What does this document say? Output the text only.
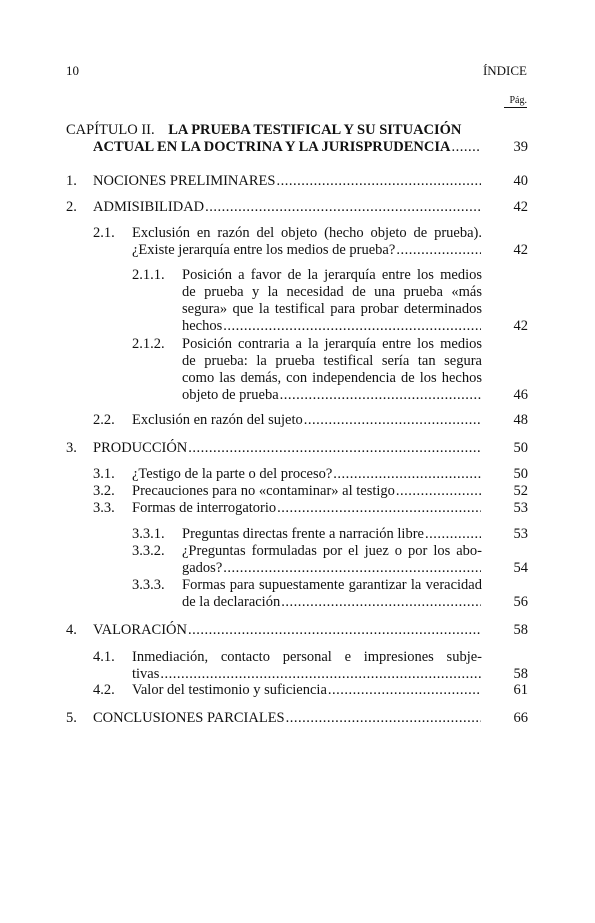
10	ÍNDICE
Pág.
CAPÍTULO II. LA PRUEBA TESTIFICAL Y SU SITUACIÓN
ACTUAL EN LA DOCTRINA Y LA JURISPRUDENCIA .....	39
1. NOCIONES PRELIMINARES .....	40
2. ADMISIBILIDAD .....	42
2.1. Exclusión en razón del objeto (hecho objeto de prueba).
¿Existe jerarquía entre los medios de prueba? .....	42
2.1.1. Posición a favor de la jerarquía entre los medios
de prueba y la necesidad de una prueba «más
segura» que la testifical para probar determinados
hechos .....	42
2.1.2. Posición contraria a la jerarquía entre los medios
de prueba: la prueba testifical sería tan segura
como las demás, con independencia de los hechos
objeto de prueba .....	46
2.2. Exclusión en razón del sujeto .....	48
3. PRODUCCIÓN .....	50
3.1. ¿Testigo de la parte o del proceso? .....	50
3.2. Precauciones para no «contaminar» al testigo .....	52
3.3. Formas de interrogatorio .....	53
3.3.1. Preguntas directas frente a narración libre .....	53
3.3.2. ¿Preguntas formuladas por el juez o por los abo-
gados? .....	54
3.3.3. Formas para supuestamente garantizar la veracidad
de la declaración .....	56
4. VALORACIÓN .....	58
4.1. Inmediación, contacto personal e impresiones subje-
tivas .....	58
4.2. Valor del testimonio y suficiencia .....	61
5. CONCLUSIONES PARCIALES .....	66
